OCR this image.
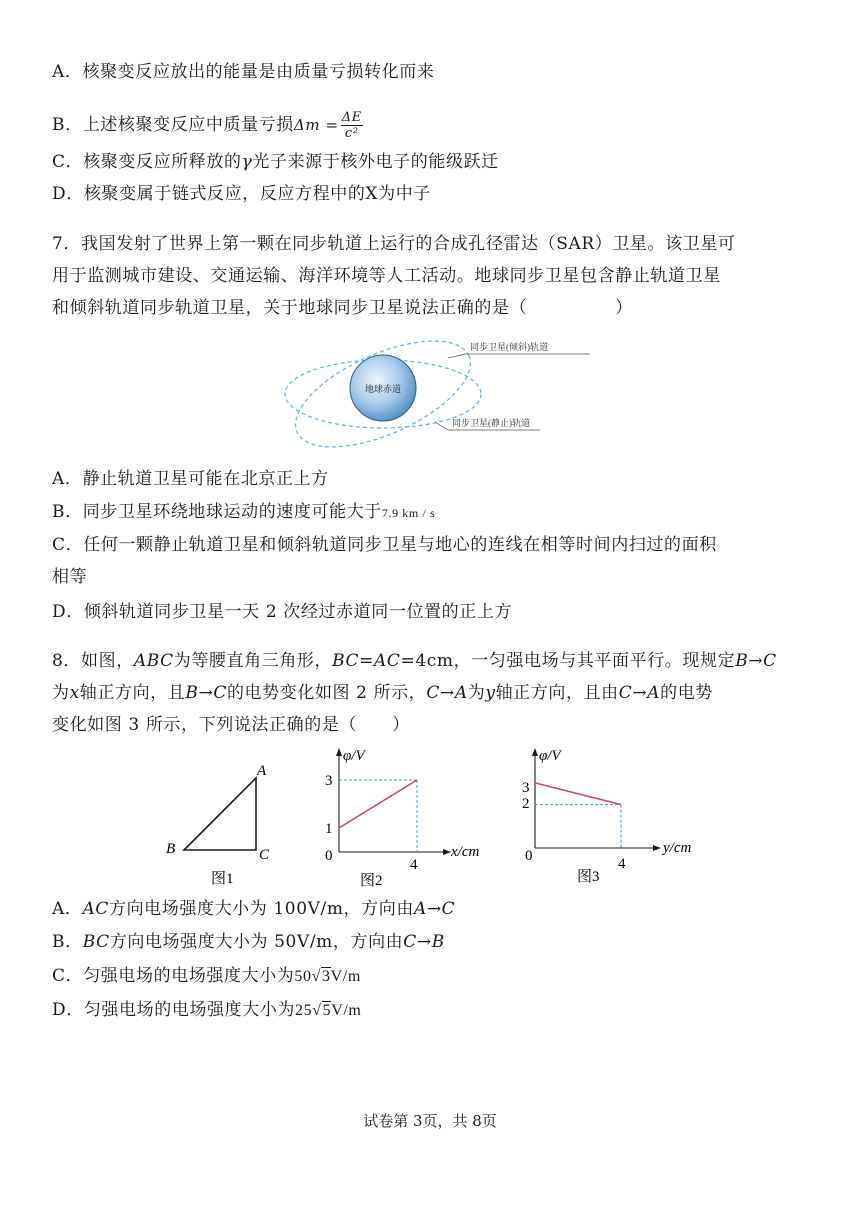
A．核聚变反应放出的能量是由质量亏损转化而来
B．上述核聚变反应中质量亏损$\Delta m = \frac{\Delta E}{\text{c²}}$
C．核聚变反应所释放的γ光子来源于核外电子的能级跃迁
D．核聚变属于链式反应，反应方程中的X为中子
7．我国发射了世界上第一颗在同步轨道上运行的合成孔径雷达（SAR）卫星。该卫星可
用于监测城市建设、交通运输、海洋环境等人工活动。地球同步卫星包含静止轨道卫星
和倾斜轨道同步轨道卫星，关于地球同步卫星说法正确的是（　　　　　）
地球赤道
同步卫星(倾斜)轨道
同步卫星(静止)轨道
A．静止轨道卫星可能在北京正上方
B．同步卫星环绕地球运动的速度可能大于7.9 km / s
C．任何一颗静止轨道卫星和倾斜轨道同步卫星与地心的连线在相等时间内扫过的面积
相等
D．倾斜轨道同步卫星一天 2 次经过赤道同一位置的正上方
8．如图，ABC为等腰直角三角形，BC=AC=4cm，一匀强电场与其平面平行。现规定B→C
为x轴正方向，且B→C的电势变化如图 2 所示，C→A为y轴正方向，且由C→A的电势
变化如图 3 所示，下列说法正确的是（　　）
A
B	C
图1
φ/V
x/cm
0
3
1
4
图2
φ/V
y/cm
0
3
2
4
图3
A．AC方向电场强度大小为 100V/m，方向由A→C
B．BC方向电场强度大小为 50V/m，方向由C→B
C．匀强电场的电场强度大小为50√3V/m
D．匀强电场的电场强度大小为25√5V/m
试卷第 3页，共 8页
